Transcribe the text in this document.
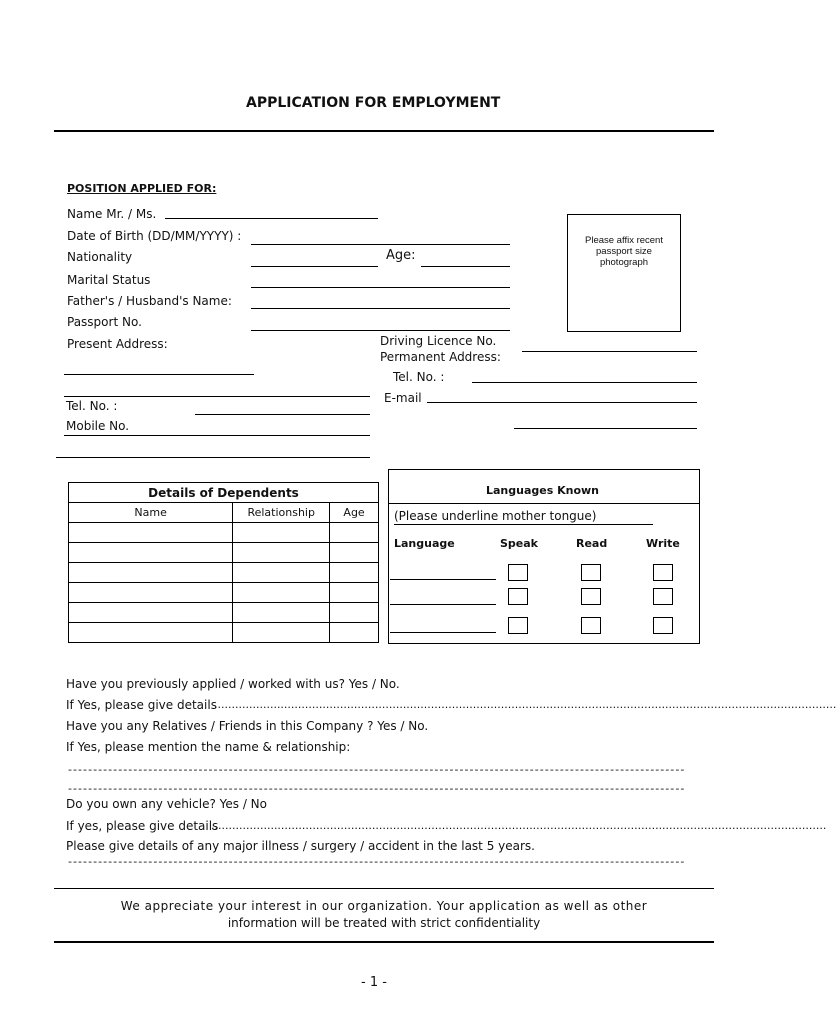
APPLICATION FOR EMPLOYMENT
POSITION APPLIED FOR:
Name Mr. / Ms.
Date of Birth (DD/MM/YYYY) :
Nationality	Age:
Marital Status
Father's / Husband's Name:
Passport No.
Present Address:
Tel. No. :
Mobile No.
Please affix recent passport size photograph
Driving Licence No.
Permanent Address:
Tel. No. :
E-mail
Details of Dependents		
Name	Relationship	Age

Languages Known
(Please underline mother tongue)
Language	Speak	Read	Write
Have you previously applied / worked with us? Yes / No.
If Yes, please give details
..................................................................................................................................................................................
Have you any Relatives / Friends in this Company ? Yes / No.
If Yes, please mention the name & relationship:
---------------------------------------------------------------------------------------------------------------------------
---------------------------------------------------------------------------------------------------------------------------
Do you own any vehicle? Yes / No
If yes, please give details
................................................................................................................................................................................
Please give details of any major illness / surgery / accident in the last 5 years.
---------------------------------------------------------------------------------------------------------------------------
We appreciate your interest in our organization. Your application as well as other
information will be treated with strict confidentiality
- 1 -
